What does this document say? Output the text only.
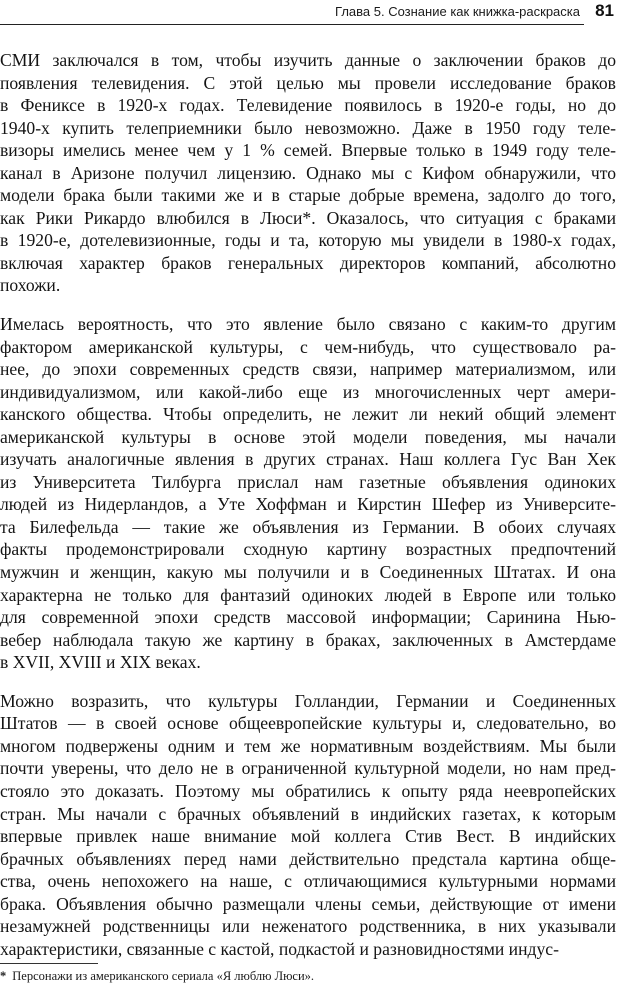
Глава 5. Сознание как книжка-раскраска 81

СМИ заключался в том, чтобы изучить данные о заключении браков до
появления телевидения. С этой целью мы провели исследование браков
в Фениксе в 1920-х годах. Телевидение появилось в 1920-е годы, но до
1940-х купить телеприемники было невозможно. Даже в 1950 году теле-
визоры имелись менее чем у 1 % семей. Впервые только в 1949 году теле-
канал в Аризоне получил лицензию. Однако мы с Кифом обнаружили, что
модели брака были такими же и в старые добрые времена, задолго до того,
как Рики Рикардо влюбился в Люси*. Оказалось, что ситуация с браками
в 1920-е, дотелевизионные, годы и та, которую мы увидели в 1980-х годах,
включая характер браков генеральных директоров компаний, абсолютно
похожи.

Имелась вероятность, что это явление было связано с каким-то другим
фактором американской культуры, с чем-нибудь, что существовало ра-
нее, до эпохи современных средств связи, например материализмом, или
индивидуализмом, или какой-либо еще из многочисленных черт амери-
канского общества. Чтобы определить, не лежит ли некий общий элемент
американской культуры в основе этой модели поведения, мы начали
изучать аналогичные явления в других странах. Наш коллега Гус Ван Хек
из Университета Тилбурга прислал нам газетные объявления одиноких
людей из Нидерландов, а Уте Хоффман и Кирстин Шефер из Университе-
та Билефельда — такие же объявления из Германии. В обоих случаях
факты продемонстрировали сходную картину возрастных предпочтений
мужчин и женщин, какую мы получили и в Соединенных Штатах. И она
характерна не только для фантазий одиноких людей в Европе или только
для современной эпохи средств массовой информации; Саринина Нью-
вебер наблюдала такую же картину в браках, заключенных в Амстердаме
в XVII, XVIII и XIX веках.

Можно возразить, что культуры Голландии, Германии и Соединенных
Штатов — в своей основе общеевропейские культуры и, следовательно, во
многом подвержены одним и тем же нормативным воздействиям. Мы были
почти уверены, что дело не в ограниченной культурной модели, но нам пред-
стояло это доказать. Поэтому мы обратились к опыту ряда неевропейских
стран. Мы начали с брачных объявлений в индийских газетах, к которым
впервые привлек наше внимание мой коллега Стив Вест. В индийских
брачных объявлениях перед нами действительно предстала картина обще-
ства, очень непохожего на наше, с отличающимися культурными нормами
брака. Объявления обычно размещали члены семьи, действующие от имени
незамужней родственницы или неженатого родственника, в них указывали
характеристики, связанные с кастой, подкастой и разновидностями индус-

* Персонажи из американского сериала «Я люблю Люси».
